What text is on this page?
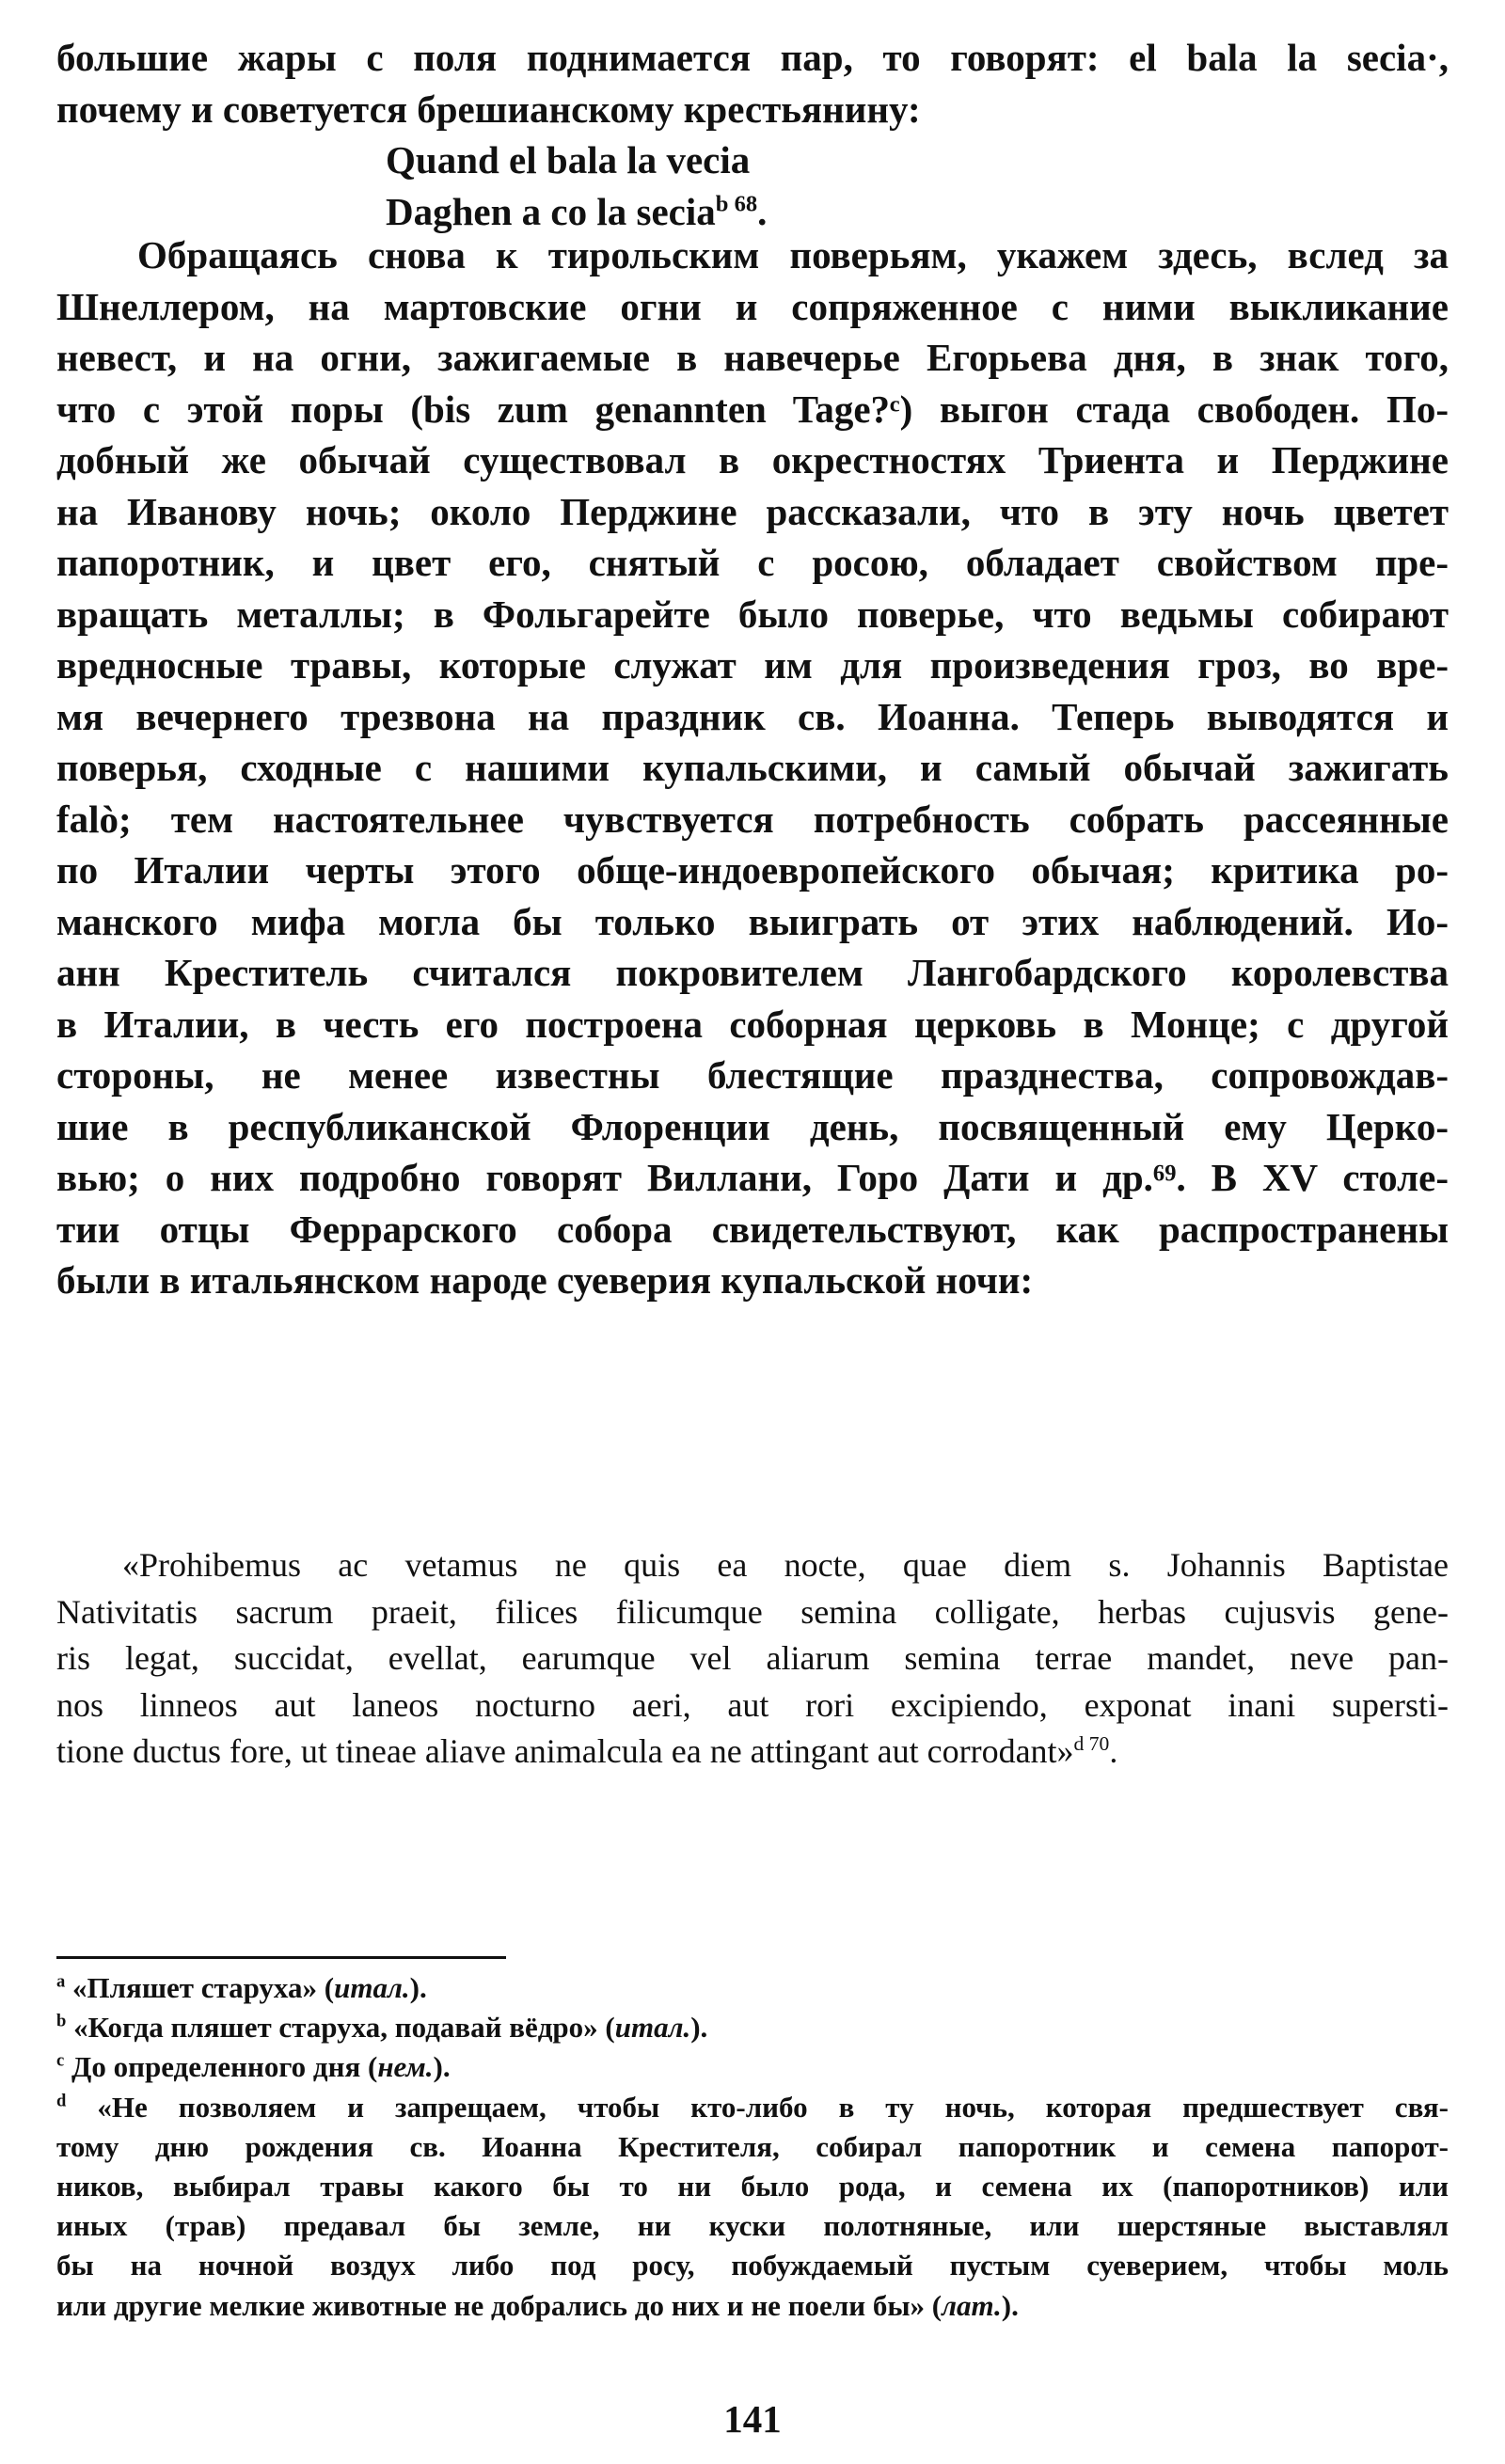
большие жары с поля поднимается пар, то говорят: el bala la secia·,
почему и советуется брешианскому крестьянину:
Quand el bala la vecia
Daghen a co la secia$^{b 68}$.
Обращаясь снова к тирольским поверьям, укажем здесь, вслед за
Шнеллером, на мартовские огни и сопряженное с ними выкликание
невест, и на огни, зажигаемые в навечерье Егорьева дня, в знак того,
что с этой поры (bis zum genannten Tage?ᶜ) выгон стада свободен. По-
добный же обычай существовал в окрестностях Триента и Перджине
на Иванову ночь; около Перджине рассказали, что в эту ночь цветет
папоротник, и цвет его, снятый с росою, обладает свойством пре-
вращать металлы; в Фольгарейте было поверье, что ведьмы собирают
вредносные травы, которые служат им для произведения гроз, во вре-
мя вечернего трезвона на праздник св. Иоанна. Теперь выводятся и
поверья, сходные с нашими купальскими, и самый обычай зажигать
falò; тем настоятельнее чувствуется потребность собрать рассеянные
по Италии черты этого обще-индоевропейского обычая; критика ро-
манского мифа могла бы только выиграть от этих наблюдений. Ио-
анн Креститель считался покровителем Лангобардского королевства
в Италии, в честь его построена соборная церковь в Монце; с другой
стороны, не менее известны блестящие празднества, сопровождав-
шие в республиканской Флоренции день, посвященный ему Церко-
вью; о них подробно говорят Виллани, Горо Дати и др.⁶⁹. В XV столе-
тии отцы Феррарского собора свидетельствуют, как распространены
были в итальянском народе суеверия купальской ночи:
«Prohibemus ac vetamus ne quis ea nocte, quae diem s. Johannis Baptistae
Nativitatis sacrum praeit, filices filicumque semina colligate, herbas cujusvis gene-
ris legat, succidat, evellat, earumque vel aliarum semina terrae mandet, neve pan-
nos linneos aut laneos nocturno aeri, aut rori excipiendo, exponat inani supersti-
tione ductus fore, ut tineae aliave animalcula ea ne attingant aut corrodant»$^{d 70}$.
$^a$ «Пляшет старуха» (итал.).
$^b$ «Когда пляшет старуха, подавай вёдро» (итал.).
$^c$ До определенного дня (нем.).
$^d$ «Не позволяем и запрещаем, чтобы кто-либо в ту ночь, которая предшествует свя-
тому дню рождения св. Иоанна Крестителя, собирал папоротник и семена папорот-
ников, выбирал травы какого бы то ни было рода, и семена их (папоротников) или
иных (трав) предавал бы земле, ни куски полотняные, или шерстяные выставлял
бы на ночной воздух либо под росу, побуждаемый пустым суеверием, чтобы моль
или другие мелкие животные не добрались до них и не поели бы» (лат.).
141
